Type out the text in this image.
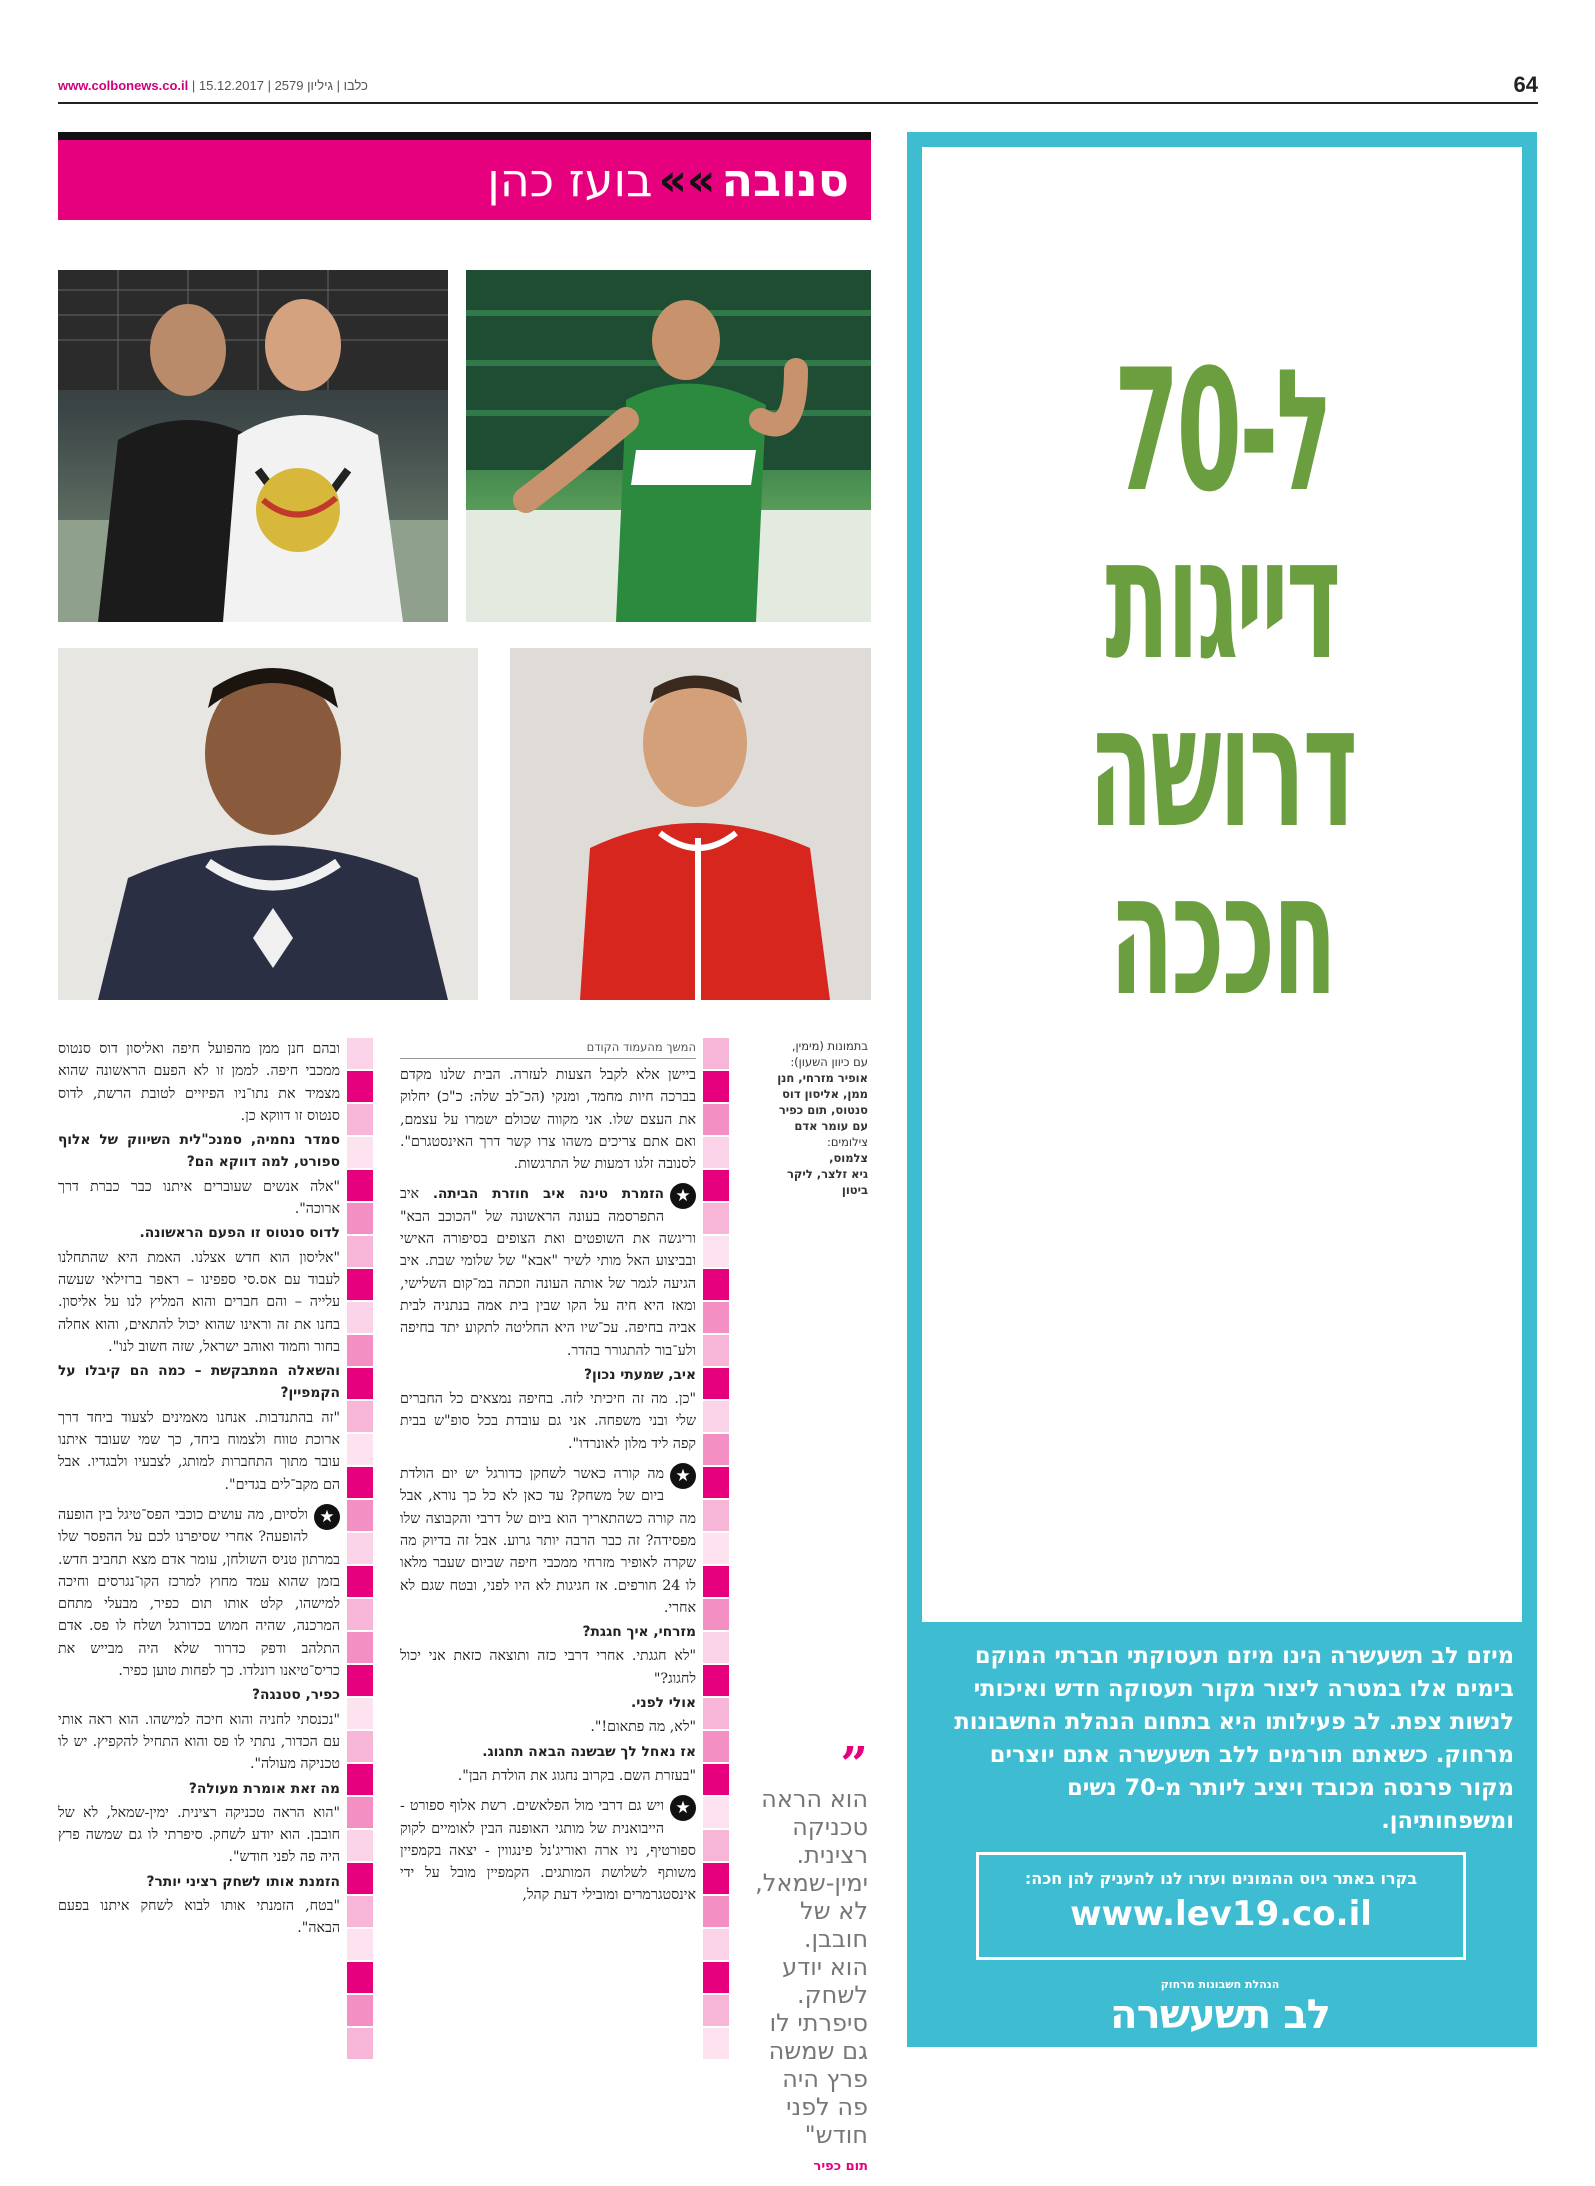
www.colbonews.co.il | כלבו | גיליון 2579 | 15.12.2017	64
סנובה
»»
בועז כהן
בתמונות (מימין,
עם כיוון השעון):
אופיר מזרחי, חנן
ממן, אליסון דוס
סנטוס, תום כפיר
עם עומר אדם
צילומים:
צלמוס,
גיא זלצר, ליקר
ביטון
”
הוא הראה
טכניקה
רצינית.
ימין-שמאל,
לא של
חובבן.
הוא יודע
לשחק.
סיפרתי לו
גם שמשה
פרץ היה
פה לפני
חודש"
תום כפיר
המשך מהעמוד הקודם

ביישן אלא לקבל הצעות לעזרה. הבית שלנו מקדם בברכה חיות מחמד, ומנקי (הכ־לב שלה: כ"כ) יחלוק את העצם שלו. אני מקווה שכולם ישמרו על עצמם, ואם אתם צריכים משהו צרו קשר דרך האינסטגרם". לסנובה זלגו דמעות של התרגשות.

★
הזמרת טינה איב חוזרת הביתה. איב התפרסמה בעונה הראשונה של "הכוכב הבא" וריגשה את השופטים ואת הצופים בסיפורה האישי ובביצוע האל מותי לשיר "אבא" של שלומי שבת. איב הגיעה לגמר של אותה העונה וזכתה במ־קום השלישי, ומאז היא חיה על הקו שבין בית אמה בנתניה לבית אביה בחיפה. עכ־שיו היא החליטה לתקוע יתד בחיפה ולע־בור להתגורר בהדר.

איב, שמעתי נכון?

"כן. מה זה חיכיתי לזה. בחיפה נמצאים כל החברים שלי ובני משפחה. אני גם עובדת בכל סופ"ש בבית קפה ליד מלון לאונרדו".

★
מה קורה כאשר לשחקן כדורגל יש יום הולדת ביום של משחק? עד כאן לא כל כך נורא, אבל מה קורה כשהתאריך הוא ביום של דרבי והקבוצה שלו מפסידה? זה כבר הרבה יותר גרוע. אבל זה בדיוק מה שקרה לאופיר מזרחי ממכבי חיפה שביום שעבר מלאו לו 24 חורפים. אז חגיגות לא היו לפני, ובטח שגם לא אחרי.

מזרחי, איך חגגת?

"לא חגגתי. אחרי דרבי כזה ותוצאה כזאת אני יכול לחגוג?"

אולי לפני.

"לא, מה פתאום!".

אז נאחל לך שבשנה הבאה תחגוג.

"בעזרת השם. בקרוב נחגוג את הולדת הבן".

★
ויש גם דרבי מול הפלאשים. רשת אלוף ספורט - הייבואנית של מותגי האופנה הבין לאומיים לקוק ספורטיף, ניו ארה ואוריג'נל פינגווין - יצאה בקמפיין משותף לשלושת המותגים. הקמפיין מובל על ידי אינסטגרמרים ומובילי דעת קהל,

ובהם חנן ממן מהפועל חיפה ואליסון דוס סנטוס ממכבי חיפה. לממן זו לא הפעם הראשונה שהוא מצמיד את נתו־ניו הפיזיים לטובת הרשת, לדוס סנטוס זו דווקא כן.

סמדר נחמיה, סמנכ"לית השיווק של אלוף ספורט, למה דווקא הם?

"אלה אנשים שעוברים איתנו כבר כברת דרך ארוכה".

לדוס סנטוס זו הפעם הראשונה.

"אליסון הוא חדש אצלנו. האמת היא שהתחלנו לעבוד עם אס.סי ספפינו – ראפר ברזילאי שעשה עלייה – והם חברים והוא המליץ לנו על אליסון. בחנו את זה וראינו שהוא יכול להתאים, והוא אחלה בחור וחמוד ואוהב ישראל, שזה חשוב לנו".

והשאלה המתבקשת – כמה הם קיבלו על הקמפיין?

"זה בהתנדבות. אנחנו מאמינים לצעוד ביחד דרך ארוכת טווח ולצמוח ביחד, כך שמי שעובד איתנו עובר מתוך התחברות למותג, לצבעיו ולבגדיו. אבל הם מקב־לים בגדים".

★
ולסיום, מה עושים כוכבי הפס־טיגל בין הופעה להופעה? אחרי שסיפרנו לכם על ההפסר שלו במרתון טניס השולחן, עומר אדם מצא תחביב חדש. בזמן שהוא עמד מחוץ למרכז הקו־נגרסים וחיכה למישהו, קלט אותו תום כפיר, מבעלי מתחם המרכנה, שהיה חמוש בכדורגל ושלח לו פס. אדם התלהב ודפק כדרור שלא היה מבייש את כריס־טיאנו רונלדו. כך לפחות טוען כפיר.

כפיר, סטנגה?

"נכנסתי לחניה והוא חיכה למישהו. הוא ראה אותי עם הכדור, נתתי לו פס והוא התחיל להקפיץ. יש לו טכניקה מעולה".

מה זאת אומרת מעולה?

"הוא הראה טכניקה רצינית. ימין-שמאל, לא של חובבן. הוא יודע לשחק. סיפרתי לו גם שמשה פרץ היה פה לפני חודש".

הזמנת אותו לשחק רציני יותר?

"בטח, הזמנתי אותו לבוא לשחק איתנו בפעם הבאה".

ל-70
דייגות
דרושה
חככה
מיזם לב תשעשרה הינו מיזם תעסוקתי חברתי המוקם בימים אלו במטרה ליצור מקור תעסוקה חדש ואיכותי לנשות צפת. לב פעילותו היא בתחום הנהלת החשבונות מרחוק. כשאתם תורמים ללב תשעשרה אתם יוצרים מקור פרנסה מכובד ויציב ליותר מ-70 נשים ומשפחותיהן.
בקרו באתר גיוס ההמונים ועזרו לנו להעניק להן חכה:
www.lev19.co.il
הנהלת חשבונות מרחוק
לב תשעשרה
